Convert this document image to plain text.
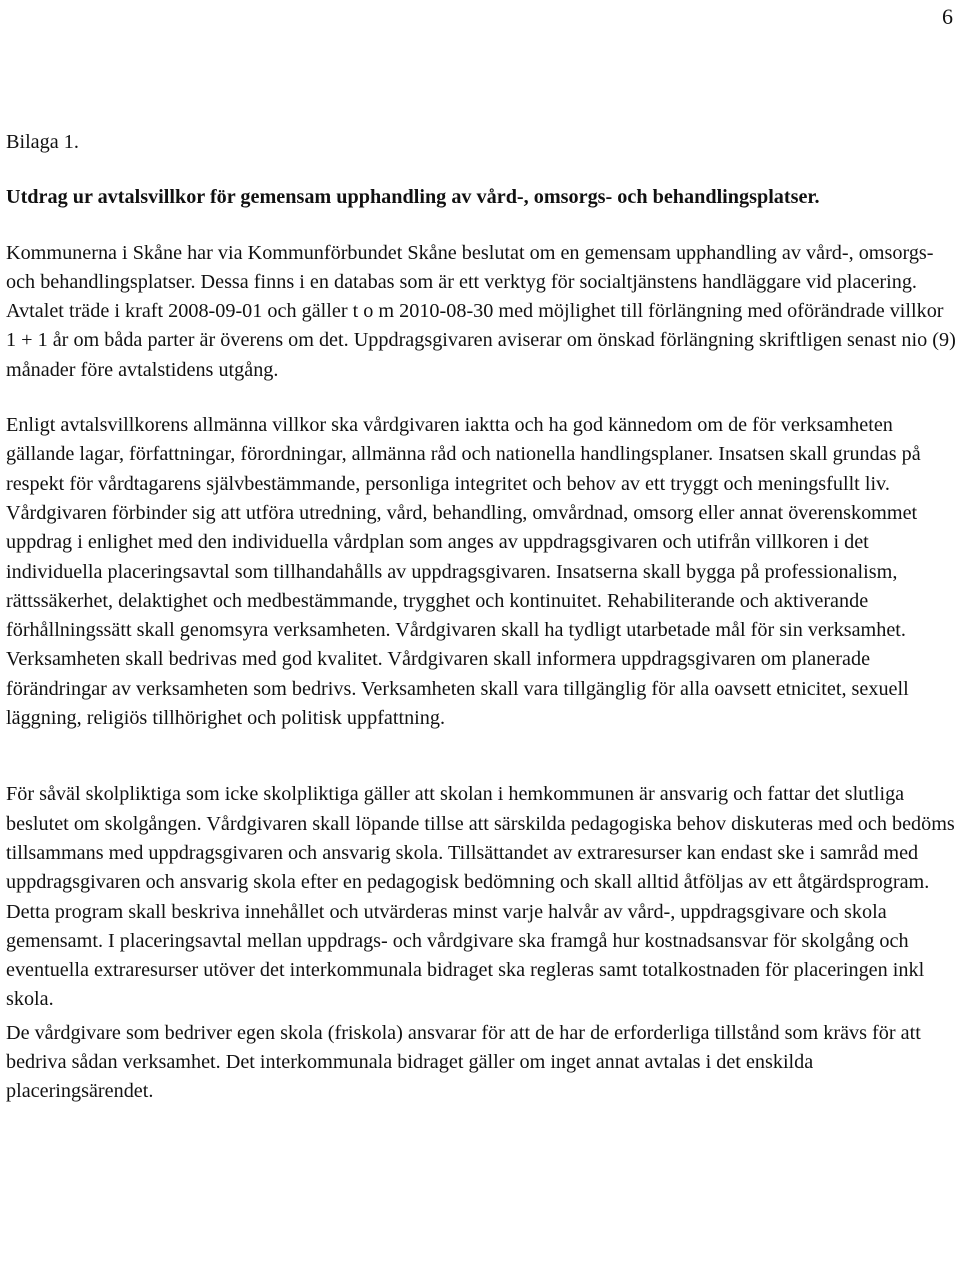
6

Bilaga 1.

Utdrag ur avtalsvillkor för gemensam upphandling av vård-, omsorgs- och behandlingsplatser.

Kommunerna i Skåne har via Kommunförbundet Skåne beslutat om en gemensam upphandling av vård-, omsorgs- och behandlingsplatser. Dessa finns i en databas som är ett verktyg för socialtjänstens handläggare vid placering. Avtalet träde i kraft 2008-09-01 och gäller t o m 2010-08-30 med möjlighet till förlängning med oförändrade villkor 1 + 1 år om båda parter är överens om det. Uppdragsgivaren aviserar om önskad förlängning skriftligen senast nio (9) månader före avtalstidens utgång.

Enligt avtalsvillkorens allmänna villkor ska vårdgivaren iaktta och ha god kännedom om de för verksamheten gällande lagar, författningar, förordningar, allmänna råd och nationella handlingsplaner. Insatsen skall grundas på respekt för vårdtagarens självbestämmande, personliga integritet och behov av ett tryggt och meningsfullt liv. Vårdgivaren förbinder sig att utföra utredning, vård, behandling, omvårdnad, omsorg eller annat överenskommet uppdrag i enlighet med den individuella vårdplan som anges av uppdragsgivaren och utifrån villkoren i det individuella placeringsavtal som tillhandahålls av uppdragsgivaren. Insatserna skall bygga på professionalism, rättssäkerhet, delaktighet och medbestämmande, trygghet och kontinuitet. Rehabiliterande och aktiverande förhållningssätt skall genomsyra verksamheten. Vårdgivaren skall ha tydligt utarbetade mål för sin verksamhet. Verksamheten skall bedrivas med god kvalitet. Vårdgivaren skall informera uppdragsgivaren om planerade förändringar av verksamheten som bedrivs. Verksamheten skall vara tillgänglig för alla oavsett etnicitet, sexuell läggning, religiös tillhörighet och politisk uppfattning.

För såväl skolpliktiga som icke skolpliktiga gäller att skolan i hemkommunen är ansvarig och fattar det slutliga beslutet om skolgången. Vårdgivaren skall löpande tillse att särskilda pedagogiska behov diskuteras med och bedöms tillsammans med uppdragsgivaren och ansvarig skola. Tillsättandet av extraresurser kan endast ske i samråd med uppdragsgivaren och ansvarig skola efter en pedagogisk bedömning och skall alltid åtföljas av ett åtgärdsprogram. Detta program skall beskriva innehållet och utvärderas minst varje halvår av vård-, uppdragsgivare och skola gemensamt. I placeringsavtal mellan uppdrags- och vårdgivare ska framgå hur kostnadsansvar för skolgång och eventuella extraresurser utöver det interkommunala bidraget ska regleras samt totalkostnaden för placeringen inkl skola.

De vårdgivare som bedriver egen skola (friskola) ansvarar för att de har de erforderliga tillstånd som krävs för att bedriva sådan verksamhet. Det interkommunala bidraget gäller om inget annat avtalas i det enskilda placeringsärendet.
